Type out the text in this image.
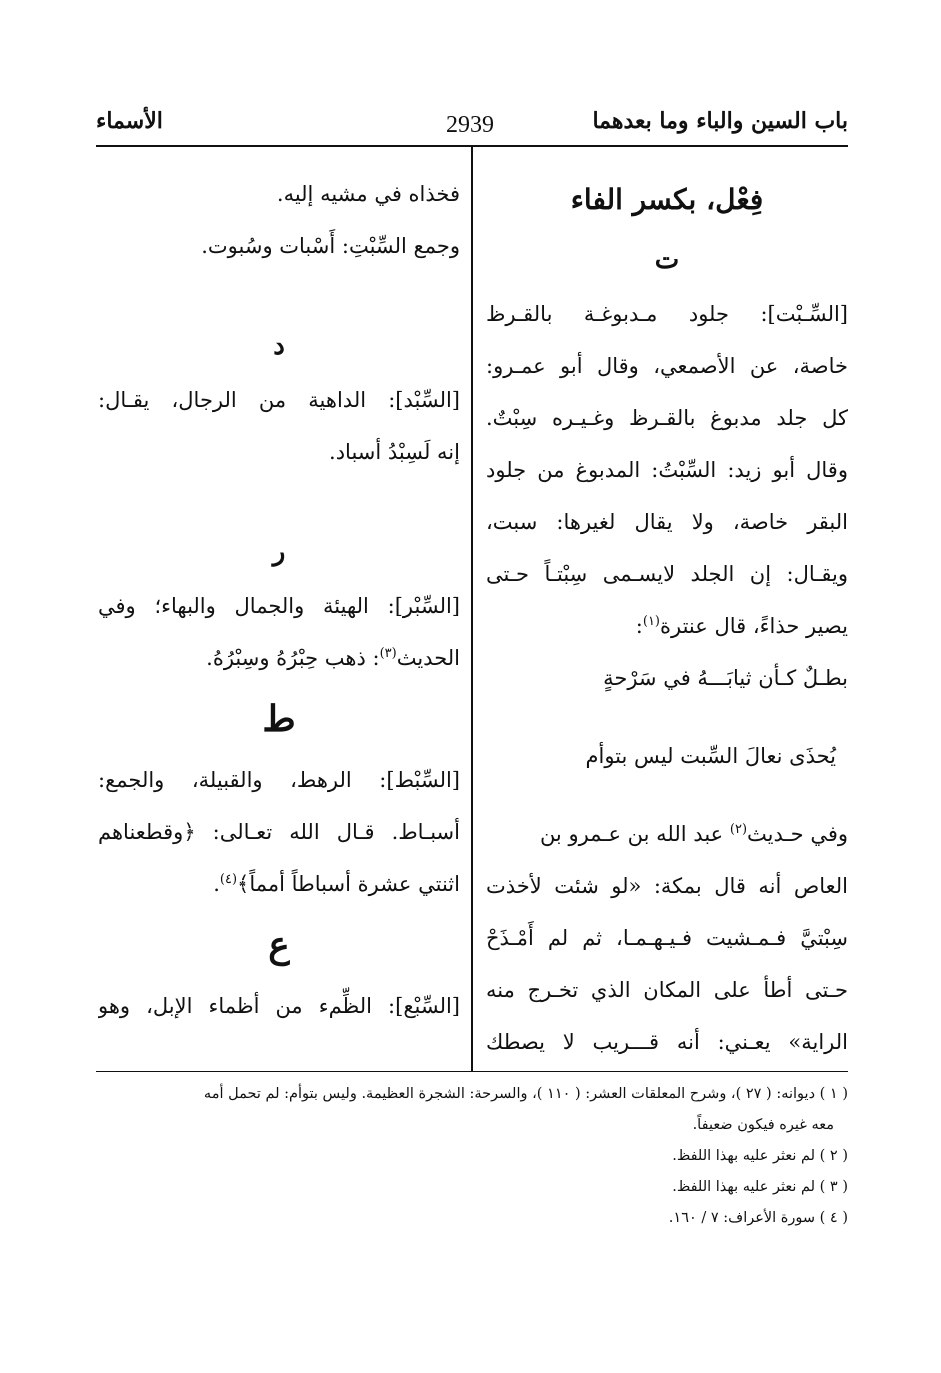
باب السين والباء وما بعدهما
2939
الأسماء
فِعْل، بكسر الفاء
ت
[السِّـبْت]: جلود مـدبوغـة بالقـرظ
خاصة، عن الأصمعي، وقال أبو عمـرو:
كل جلد مدبوغ بالقـرظ وغـيـره سِبْتٌ.
وقال أبو زيد: السِّبْتُ: المدبوغ من جلود
البقر خاصة، ولا يقال لغيرها: سبت،
ويقـال: إن الجلد لايسـمى سِبْتـاً حـتى
يصير حذاءً، قال عنترة$^{(١)}$:
بطـلٌ كـأن ثيابَـــهُ في سَرْحةٍ
يُحذَى نعالَ السِّبت ليس بتوأم
وفي حـديث$^{(٢)}$ عبد الله بن عـمرو بن
العاص أنه قال بمكة: «لو شئت لأخذت
سِبْتيَّ فـمـشيت فـيـهـمـا، ثم لم أَمْـذَحْ
حـتى أطأ على المكان الذي تخـرج منه
الراية» يعـني: أنه قـــريب لا يصطك
فخذاه في مشيه إليه.
وجمع السِّبْتِ: أَسْبات وسُبوت.
د
[السِّبْد]: الداهية من الرجال، يقـال:
إنه لَسِبْدُ أسباد.
ر
[السِّبْر]: الهيئة والجمال والبهاء؛ وفي
الحديث$^{(٣)}$: ذهب حِبْرُهُ وسِبْرُهُ.
ط
[السِّبْط]: الرهط، والقبيلة، والجمع:
أسبـاط. قـال الله تعـالى: ﴿وقطعناهم
اثنتي عشرة أسباطاً أمماً﴾$^{(٤)}$.
ع
[السِّبْع]: الظِّمء من أظماء الإبل، وهو
( ١ ) ديوانه: ( ٢٧ )، وشرح المعلقات العشر: ( ١١٠ )، والسرحة: الشجرة العظيمة. وليس بتوأم: لم تحمل أمه
معه غيره فيكون ضعيفاً.
( ٢ ) لم نعثر عليه بهذا اللفظ.
( ٣ ) لم نعثر عليه بهذا اللفظ.
( ٤ ) سورة الأعراف: ٧ / ١٦٠.
